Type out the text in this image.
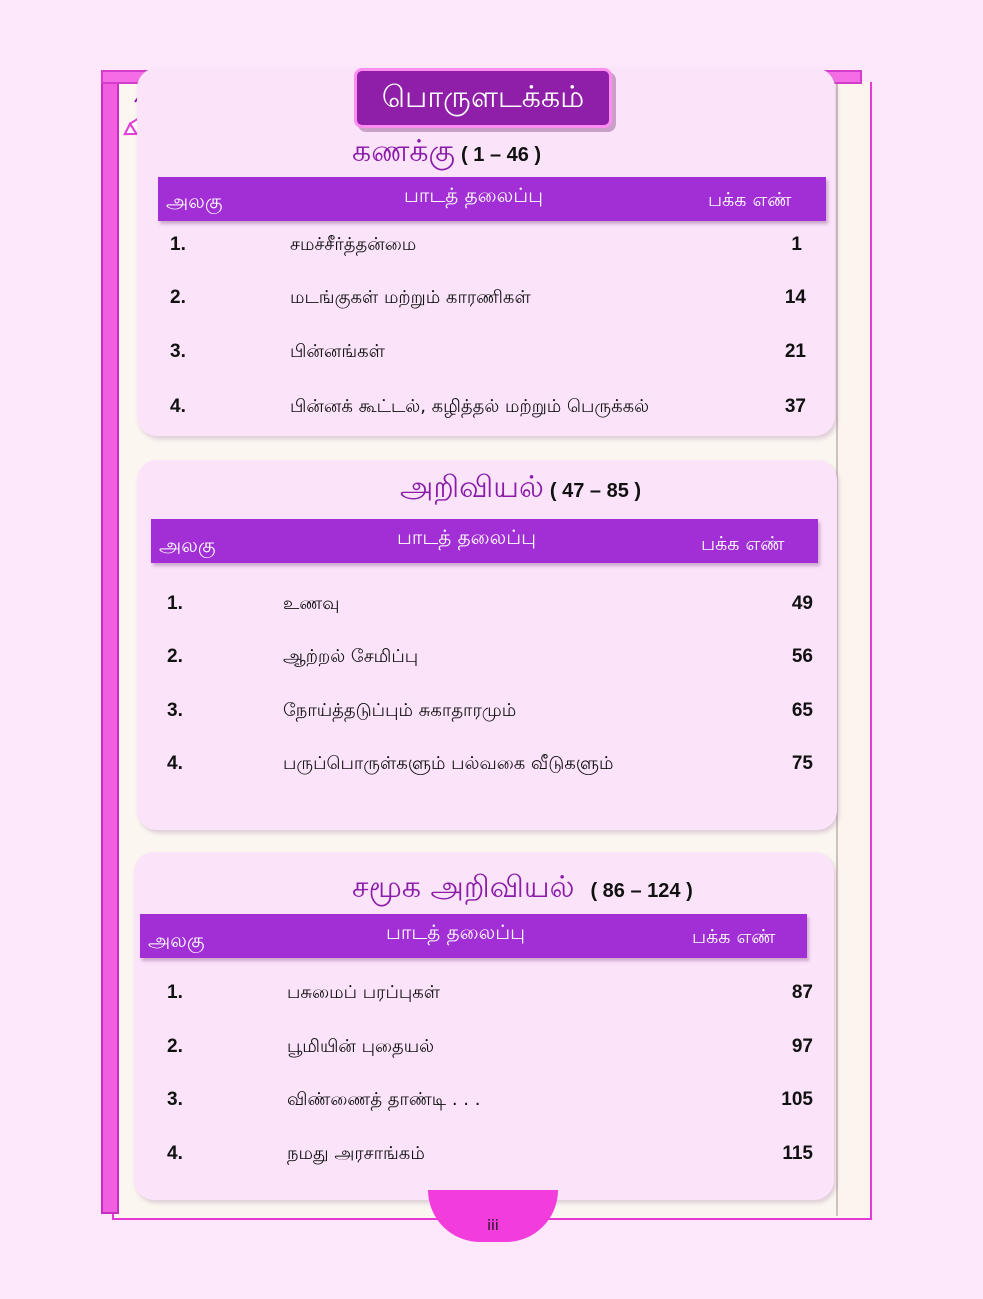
பொருளடக்கம்
கணக்கு ( 1 – 46 )
அலகு	பாடத் தலைப்பு	பக்க எண்
1.	சமச்சீர்த்தன்மை	1
2.	மடங்குகள் மற்றும் காரணிகள்	14
3.	பின்னங்கள்	21
4.	பின்னக் கூட்டல், கழித்தல் மற்றும் பெருக்கல்	37
அறிவியல் ( 47 – 85 )
அலகு	பாடத் தலைப்பு	பக்க எண்
1.	உணவு	49
2.	ஆற்றல் சேமிப்பு	56
3.	நோய்த்தடுப்பும் சுகாதாரமும்	65
4.	பருப்பொருள்களும் பல்வகை வீடுகளும்	75
சமூக அறிவியல் ( 86 – 124 )
அலகு	பாடத் தலைப்பு	பக்க எண்
1.	பசுமைப் பரப்புகள்	87
2.	பூமியின் புதையல்	97
3.	விண்ணைத் தாண்டி . . .	105
4.	நமது அரசாங்கம்	115
iii
